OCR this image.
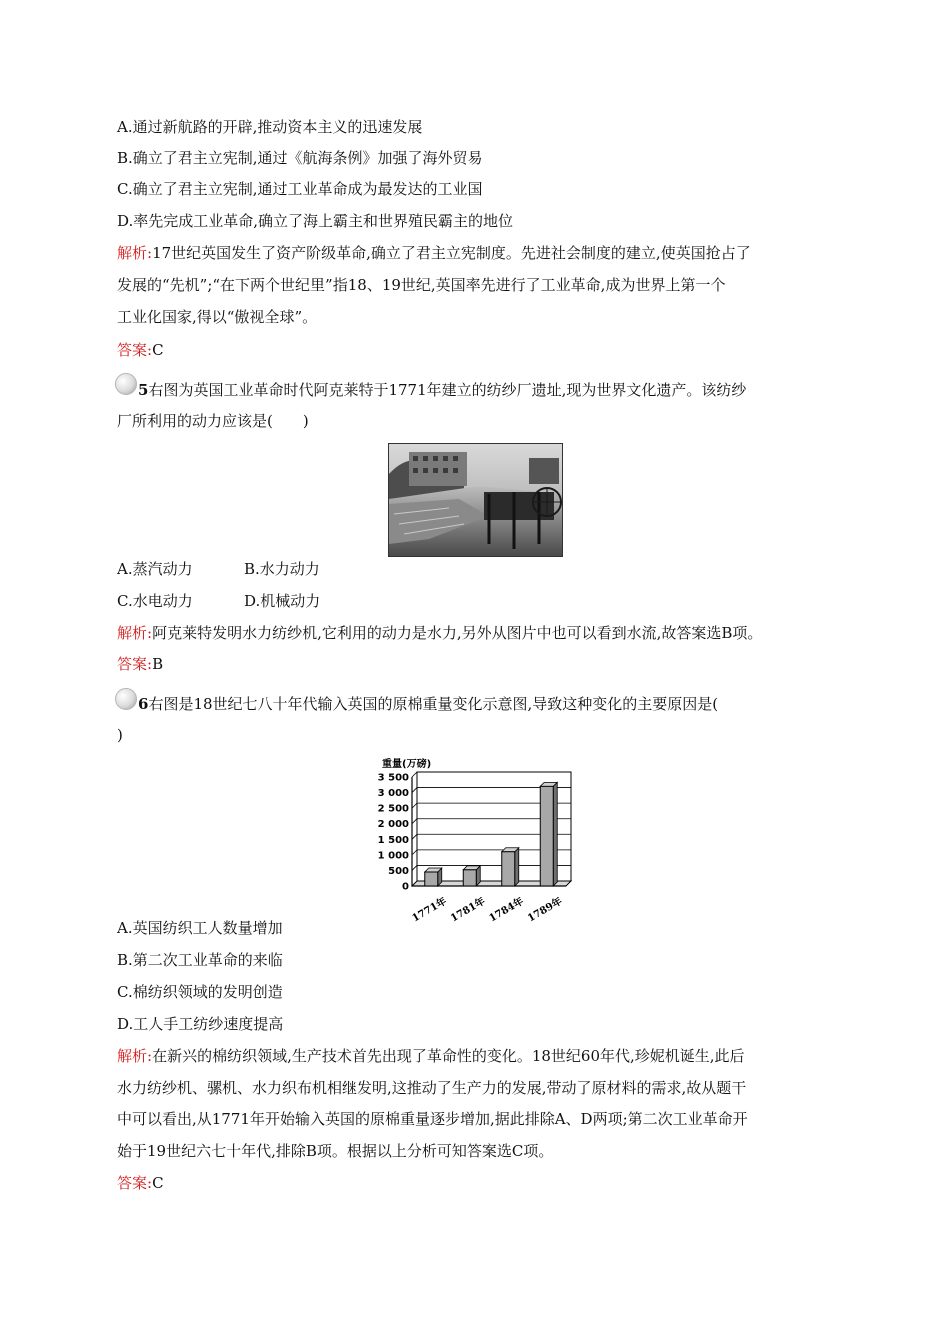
A.通过新航路的开辟,推动资本主义的迅速发展
B.确立了君主立宪制,通过《航海条例》加强了海外贸易
C.确立了君主立宪制,通过工业革命成为最发达的工业国
D.率先完成工业革命,确立了海上霸主和世界殖民霸主的地位
解析:17世纪英国发生了资产阶级革命,确立了君主立宪制度。先进社会制度的建立,使英国抢占了
发展的“先机”;“在下两个世纪里”指18、19世纪,英国率先进行了工业革命,成为世界上第一个
工业化国家,得以“傲视全球”。
答案:C
5右图为英国工业革命时代阿克莱特于1771年建立的纺纱厂遗址,现为世界文化遗产。该纺纱
厂所利用的动力应该是(　　)
A.蒸汽动力	B.水力动力
C.水电动力	D.机械动力
解析:阿克莱特发明水力纺纱机,它利用的动力是水力,另外从图片中也可以看到水流,故答案选B项。
答案:B
6右图是18世纪七八十年代输入英国的原棉重量变化示意图,导致这种变化的主要原因是(
)
重量(万磅)
3 500
3 000
2 500
2 000
1 500
1 000
500
0
1771年 1781年 1784年 1789年
A.英国纺织工人数量增加
B.第二次工业革命的来临
C.棉纺织领域的发明创造
D.工人手工纺纱速度提高
解析:在新兴的棉纺织领域,生产技术首先出现了革命性的变化。18世纪60年代,珍妮机诞生,此后
水力纺纱机、骡机、水力织布机相继发明,这推动了生产力的发展,带动了原材料的需求,故从题干
中可以看出,从1771年开始输入英国的原棉重量逐步增加,据此排除A、D两项;第二次工业革命开
始于19世纪六七十年代,排除B项。根据以上分析可知答案选C项。
答案:C
